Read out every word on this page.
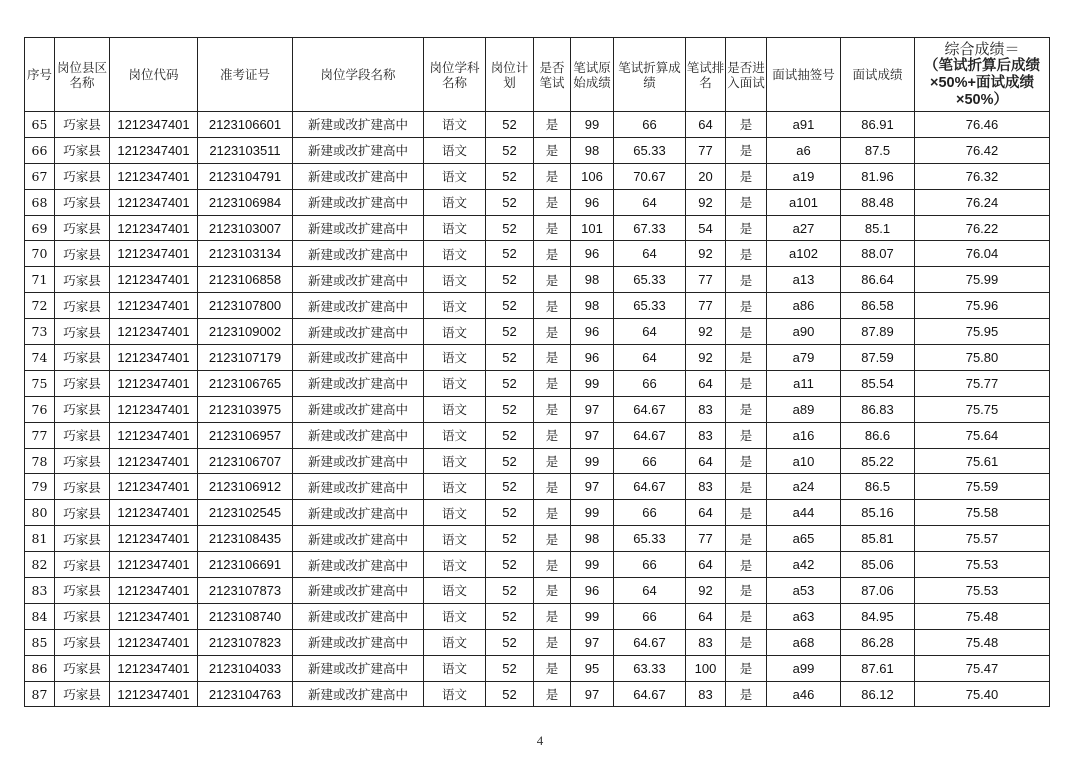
序号	岗位县区名称	岗位代码	准考证号	岗位学段名称	岗位学科名称	岗位计划	是否笔试	笔试原始成绩	笔试折算成绩	笔试排名	是否进入面试	面试抽签号	面试成绩	综合成绩＝
（笔试折算后成绩×50%+面试成绩×50%）

65	巧家县	1212347401	2123106601	新建或改扩建高中	语文	52	是	99	66	64	是	a91	86.91	76.46
66	巧家县	1212347401	2123103511	新建或改扩建高中	语文	52	是	98	65.33	77	是	a6	87.5	76.42
67	巧家县	1212347401	2123104791	新建或改扩建高中	语文	52	是	106	70.67	20	是	a19	81.96	76.32
68	巧家县	1212347401	2123106984	新建或改扩建高中	语文	52	是	96	64	92	是	a101	88.48	76.24
69	巧家县	1212347401	2123103007	新建或改扩建高中	语文	52	是	101	67.33	54	是	a27	85.1	76.22
70	巧家县	1212347401	2123103134	新建或改扩建高中	语文	52	是	96	64	92	是	a102	88.07	76.04
71	巧家县	1212347401	2123106858	新建或改扩建高中	语文	52	是	98	65.33	77	是	a13	86.64	75.99
72	巧家县	1212347401	2123107800	新建或改扩建高中	语文	52	是	98	65.33	77	是	a86	86.58	75.96
73	巧家县	1212347401	2123109002	新建或改扩建高中	语文	52	是	96	64	92	是	a90	87.89	75.95
74	巧家县	1212347401	2123107179	新建或改扩建高中	语文	52	是	96	64	92	是	a79	87.59	75.80
75	巧家县	1212347401	2123106765	新建或改扩建高中	语文	52	是	99	66	64	是	a11	85.54	75.77
76	巧家县	1212347401	2123103975	新建或改扩建高中	语文	52	是	97	64.67	83	是	a89	86.83	75.75
77	巧家县	1212347401	2123106957	新建或改扩建高中	语文	52	是	97	64.67	83	是	a16	86.6	75.64
78	巧家县	1212347401	2123106707	新建或改扩建高中	语文	52	是	99	66	64	是	a10	85.22	75.61
79	巧家县	1212347401	2123106912	新建或改扩建高中	语文	52	是	97	64.67	83	是	a24	86.5	75.59
80	巧家县	1212347401	2123102545	新建或改扩建高中	语文	52	是	99	66	64	是	a44	85.16	75.58
81	巧家县	1212347401	2123108435	新建或改扩建高中	语文	52	是	98	65.33	77	是	a65	85.81	75.57
82	巧家县	1212347401	2123106691	新建或改扩建高中	语文	52	是	99	66	64	是	a42	85.06	75.53
83	巧家县	1212347401	2123107873	新建或改扩建高中	语文	52	是	96	64	92	是	a53	87.06	75.53
84	巧家县	1212347401	2123108740	新建或改扩建高中	语文	52	是	99	66	64	是	a63	84.95	75.48
85	巧家县	1212347401	2123107823	新建或改扩建高中	语文	52	是	97	64.67	83	是	a68	86.28	75.48
86	巧家县	1212347401	2123104033	新建或改扩建高中	语文	52	是	95	63.33	100	是	a99	87.61	75.47
87	巧家县	1212347401	2123104763	新建或改扩建高中	语文	52	是	97	64.67	83	是	a46	86.12	75.40
4
